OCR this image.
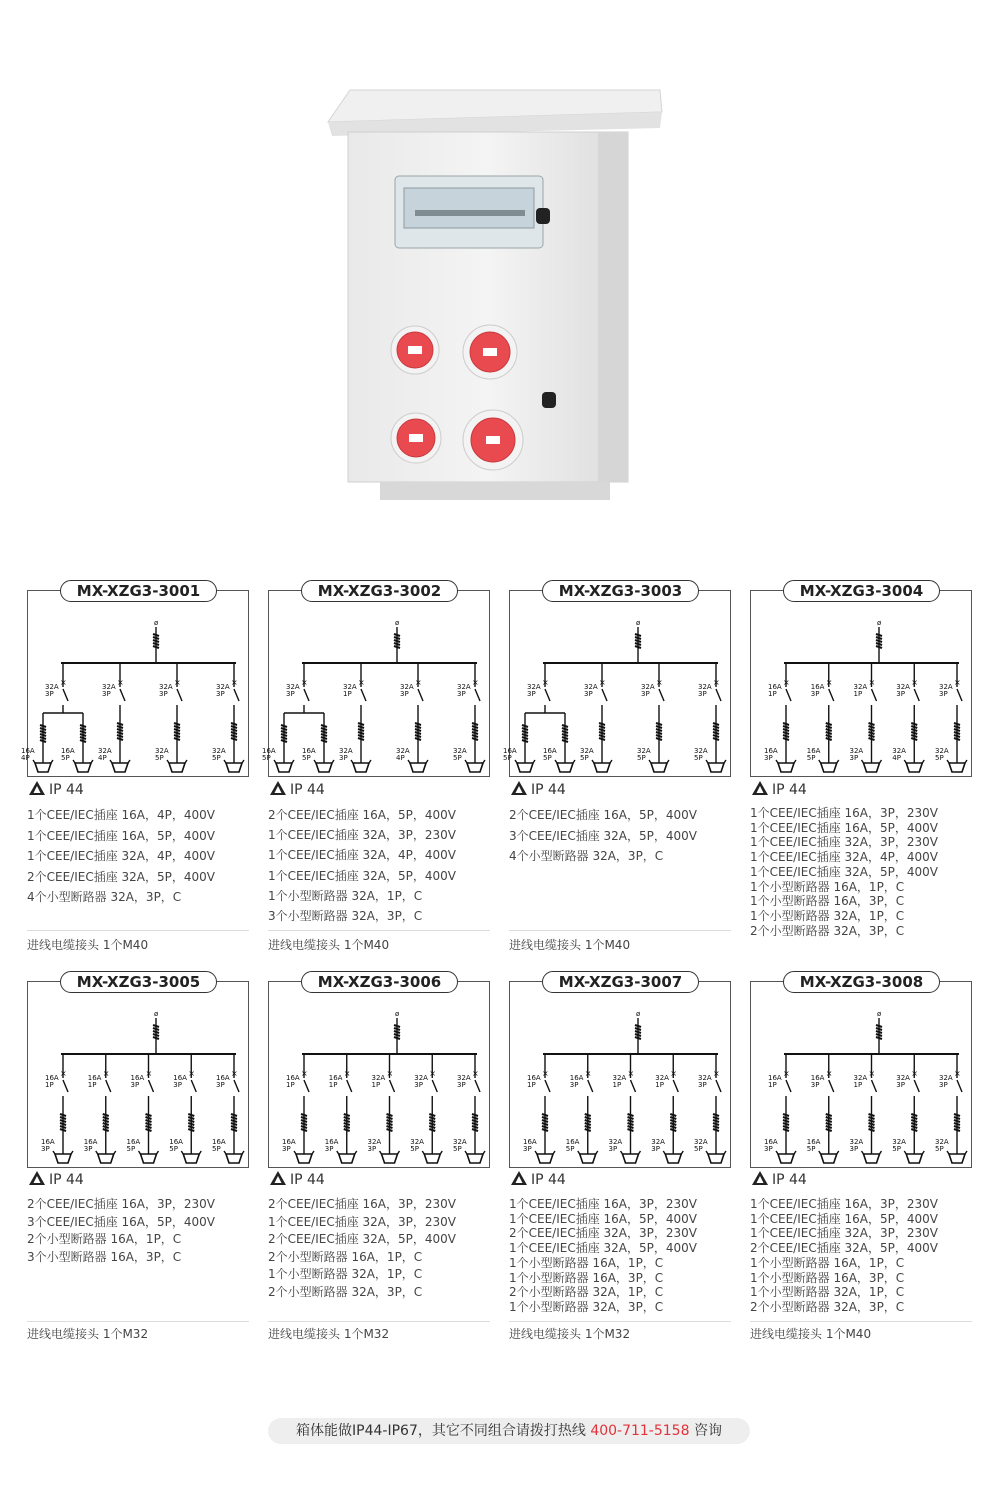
ø
×
32A
3P
16A
4P
16A
5P
×
32A
3P
32A
4P
×
32A
3P
32A
5P
×
32A
3P
32A
5P
MX-XZG3-3001
IP 44
1个CEE/IEC插座 16A，4P，400V
1个CEE/IEC插座 16A，5P，400V
1个CEE/IEC插座 32A，4P，400V
2个CEE/IEC插座 32A，5P，400V
4个小型断路器 32A，3P，C
进线电缆接头 1个M40
ø
×
32A
3P
16A
5P
16A
5P
×
32A
1P
32A
3P
×
32A
3P
32A
4P
×
32A
3P
32A
5P
MX-XZG3-3002
IP 44
2个CEE/IEC插座 16A，5P，400V
1个CEE/IEC插座 32A，3P，230V
1个CEE/IEC插座 32A，4P，400V
1个CEE/IEC插座 32A，5P，400V
1个小型断路器 32A，1P，C
3个小型断路器 32A，3P，C
进线电缆接头 1个M40
ø
×
32A
3P
16A
5P
16A
5P
×
32A
3P
32A
5P
×
32A
3P
32A
5P
×
32A
3P
32A
5P
MX-XZG3-3003
IP 44
2个CEE/IEC插座 16A，5P，400V
3个CEE/IEC插座 32A，5P，400V
4个小型断路器 32A，3P，C
进线电缆接头 1个M40
ø
×
16A
1P
16A
3P
×
16A
3P
16A
5P
×
32A
1P
32A
3P
×
32A
3P
32A
4P
×
32A
3P
32A
5P
MX-XZG3-3004
IP 44
1个CEE/IEC插座 16A，3P，230V
1个CEE/IEC插座 16A，5P，400V
1个CEE/IEC插座 32A，3P，230V
1个CEE/IEC插座 32A，4P，400V
1个CEE/IEC插座 32A，5P，400V
1个小型断路器 16A，1P，C
1个小型断路器 16A，3P，C
1个小型断路器 32A，1P，C
2个小型断路器 32A，3P，C
ø
×
16A
1P
16A
3P
×
16A
1P
16A
3P
×
16A
3P
16A
5P
×
16A
3P
16A
5P
×
16A
3P
16A
5P
MX-XZG3-3005
IP 44
2个CEE/IEC插座 16A，3P，230V
3个CEE/IEC插座 16A，5P，400V
2个小型断路器 16A，1P，C
3个小型断路器 16A，3P，C
进线电缆接头 1个M32
ø
×
16A
1P
16A
3P
×
16A
1P
16A
3P
×
32A
1P
32A
3P
×
32A
3P
32A
5P
×
32A
3P
32A
5P
MX-XZG3-3006
IP 44
2个CEE/IEC插座 16A，3P，230V
1个CEE/IEC插座 32A，3P，230V
2个CEE/IEC插座 32A，5P，400V
2个小型断路器 16A，1P，C
1个小型断路器 32A，1P，C
2个小型断路器 32A，3P，C
进线电缆接头 1个M32
ø
×
16A
1P
16A
3P
×
16A
3P
16A
5P
×
32A
1P
32A
3P
×
32A
1P
32A
3P
×
32A
3P
32A
5P
MX-XZG3-3007
IP 44
1个CEE/IEC插座 16A，3P，230V
1个CEE/IEC插座 16A，5P，400V
2个CEE/IEC插座 32A，3P，230V
1个CEE/IEC插座 32A，5P，400V
1个小型断路器 16A，1P，C
1个小型断路器 16A，3P，C
2个小型断路器 32A，1P，C
1个小型断路器 32A，3P，C
进线电缆接头 1个M32
ø
×
16A
1P
16A
3P
×
16A
3P
16A
5P
×
32A
1P
32A
3P
×
32A
3P
32A
5P
×
32A
3P
32A
5P
MX-XZG3-3008
IP 44
1个CEE/IEC插座 16A，3P，230V
1个CEE/IEC插座 16A，5P，400V
1个CEE/IEC插座 32A，3P，230V
2个CEE/IEC插座 32A，5P，400V
1个小型断路器 16A，1P，C
1个小型断路器 16A，3P，C
1个小型断路器 32A，1P，C
2个小型断路器 32A，3P，C
进线电缆接头 1个M40
箱体能做IP44-IP67，其它不同组合请拨打热线 400-711-5158 咨询
